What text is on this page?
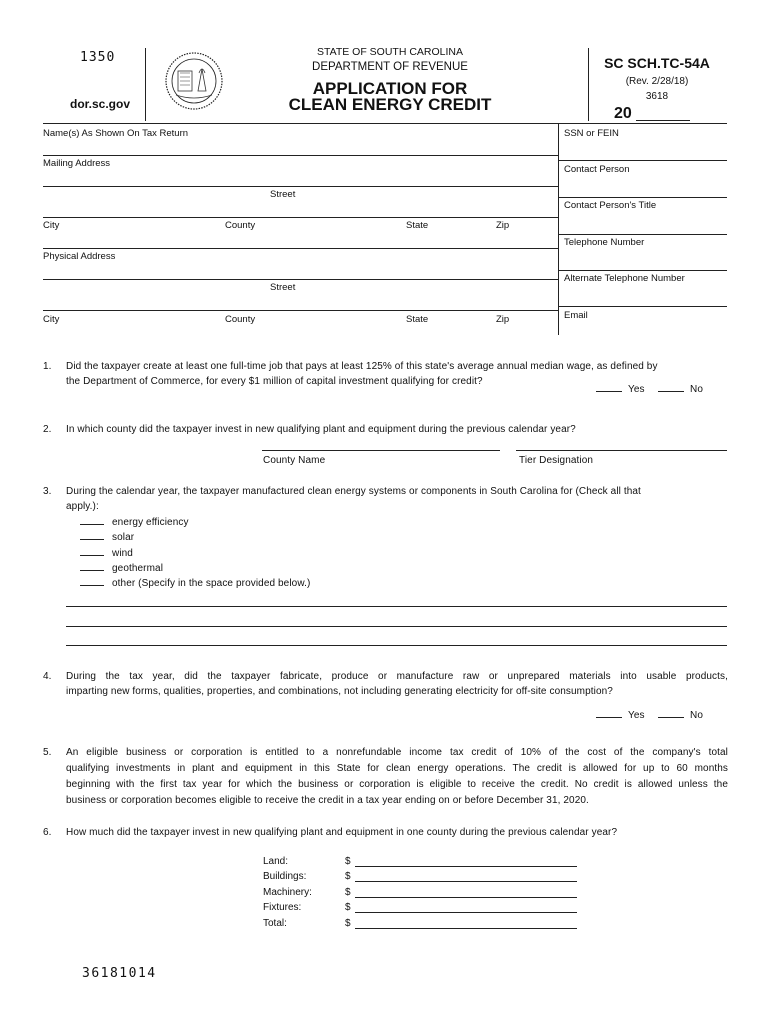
1350
dor.sc.gov
STATE OF SOUTH CAROLINA
DEPARTMENT OF REVENUE
APPLICATION FOR
CLEAN ENERGY CREDIT
SC SCH.TC-54A
(Rev. 2/28/18)
3618
20
Name(s) As Shown On Tax Return
Mailing Address
Street
City	County	State	Zip
Physical Address
Street
City	County	State	Zip
SSN or FEIN
Contact Person
Contact Person's Title
Telephone Number
Alternate Telephone Number
Email
1. Did the taxpayer create at least one full-time job that pays at least 125% of this state's average annual median wage, as defined by
the Department of Commerce, for every $1 million of capital investment qualifying for credit?
Yes	No
2. In which county did the taxpayer invest in new qualifying plant and equipment during the previous calendar year?
County Name	Tier Designation
3. During the calendar year, the taxpayer manufactured clean energy systems or components in South Carolina for (Check all that
apply.):
energy efficiency
solar
wind
geothermal
other (Specify in the space provided below.)
4. During the tax year, did the taxpayer fabricate, produce or manufacture raw or unprepared materials into usable products,
imparting new forms, qualities, properties, and combinations, not including generating electricity for off-site consumption?
Yes	No
5. An eligible business or corporation is entitled to a nonrefundable income tax credit of 10% of the cost of the company's total
qualifying investments in plant and equipment in this State for clean energy operations. The credit is allowed for up to 60 months
beginning with the first tax year for which the business or corporation is eligible to receive the credit. No credit is allowed unless the
business or corporation becomes eligible to receive the credit in a tax year ending on or before December 31, 2020.
6. How much did the taxpayer invest in new qualifying plant and equipment in one county during the previous calendar year?
Land:	$
Buildings:	$
Machinery:	$
Fixtures:	$
Total:	$
36181014
